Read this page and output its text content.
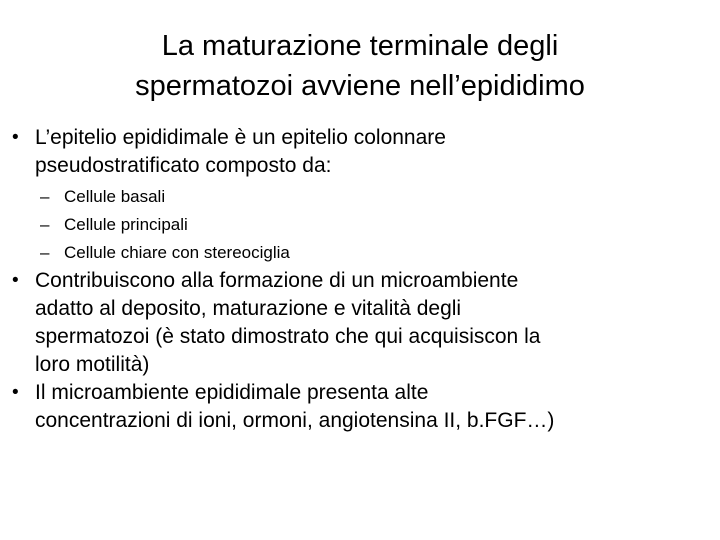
La maturazione terminale degli
spermatozoi avviene nell’epididimo
• L’epitelio epididimale è un epitelio colonnare
pseudostratificato composto da:
– Cellule basali
– Cellule principali
– Cellule chiare con stereociglia
• Contribuiscono alla formazione di un microambiente
adatto al deposito, maturazione e vitalità degli
spermatozoi (è stato dimostrato che qui acquisiscon la
loro motilità)
• Il microambiente epididimale presenta alte
concentrazioni di ioni, ormoni, angiotensina II, b.FGF…)
